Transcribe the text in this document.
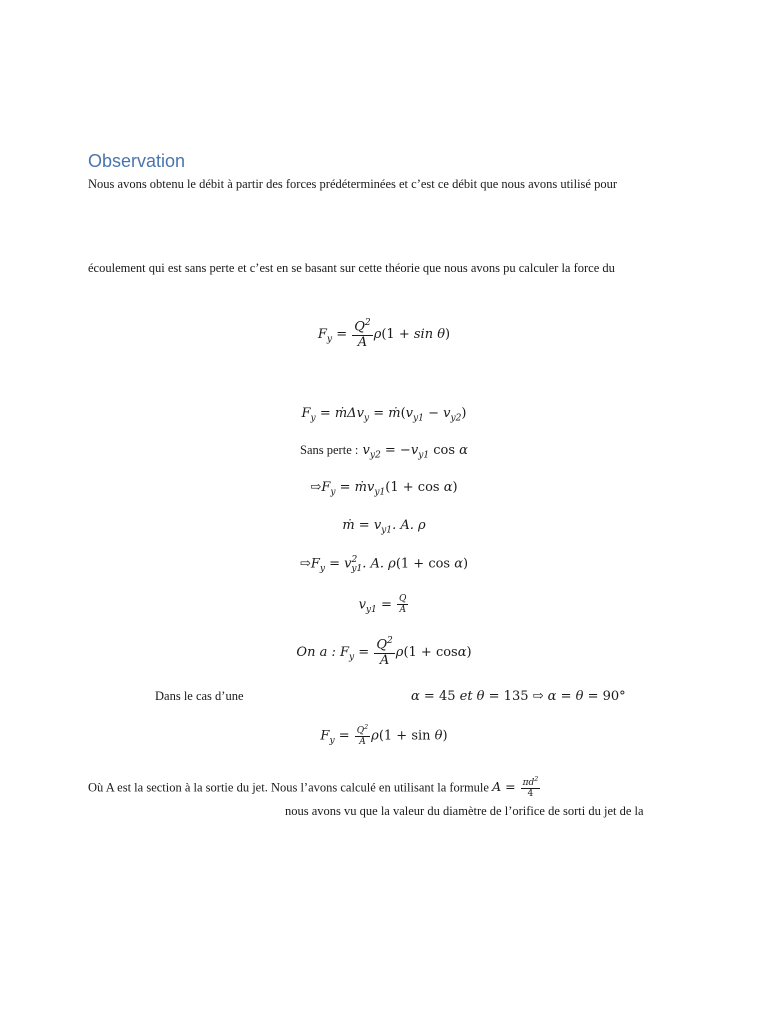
Observation
Nous avons obtenu le débit à partir des forces prédéterminées et c’est ce débit que nous avons utilisé pour
écoulement qui est sans perte et c’est en se basant sur cette théorie que nous avons pu calculer la force du
$F_y = \frac{Q^2}{A} \rho(1 + \sin \theta)$
$F_y$ = ṁΔv$_y$ = $ṁ(v_{y1} - v_{y2})$
Sans perte : $v_{y2} = -v_{y1}$ cos α
$⇨F_y$ = ṁv$_{y1}$(1 + cos α)
ṁ = $v_{y1}$. A. ρ
$⇨F_y = v^2_{y1}$. A. ρ(1 + cos α)
$v_{y1} = \frac{Q}{A}$
On a : $F_y = \frac{Q^2}{A} \rho(1 + \cos\alpha)$
Dans le cas d’une	α = 45 et θ = 135 ⇨ α = θ = 90°
$F_y = \frac{Q^2}{A} \rho(1 + \sin \theta)$
Où A est la section à la sortie du jet. Nous l’avons calculé en utilisant la formule $A = \frac{\pi d^2}{4}$
nous avons vu que la valeur du diamètre de l’orifice de sorti du jet de la
